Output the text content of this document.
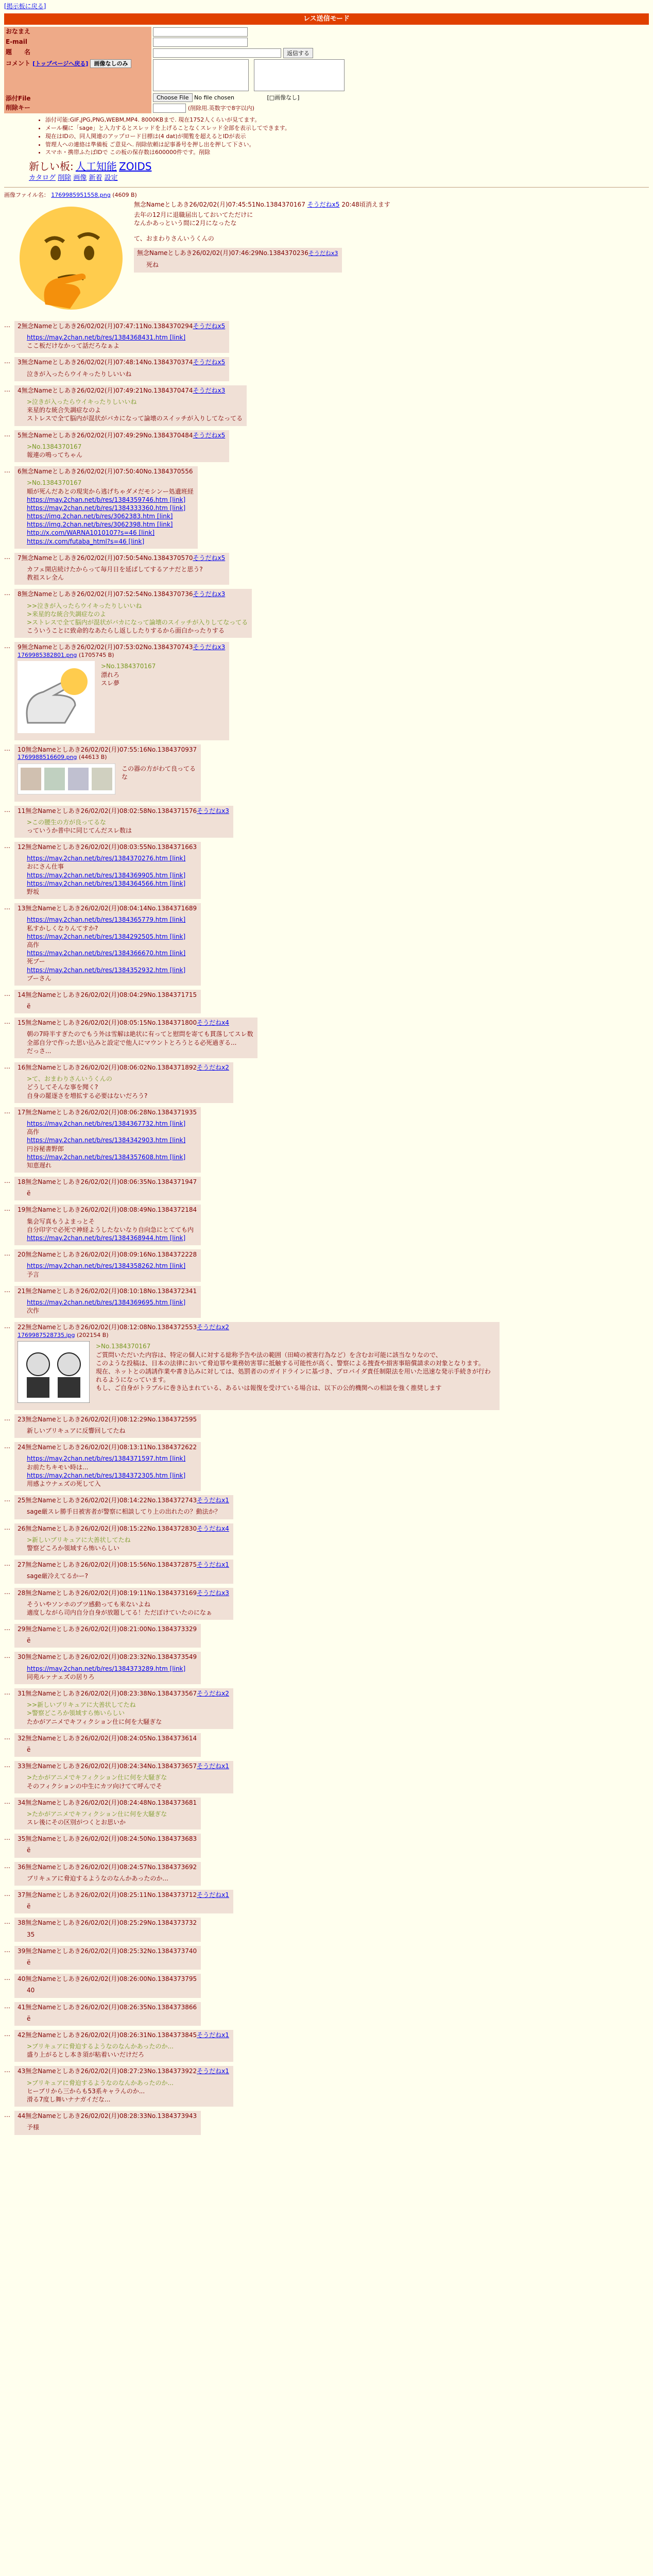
[掲示板に戻る]
レス送信モード
おなまえ	
E-mail	
題　　名	返信する
コメント [トップページへ戻る] 画像なしのみ	
添付File	Choose File No file chosen [□画像なし]
削除キー	(削除用.英数字で8字以内)
• 添付可能:GIF,JPG,PNG,WEBM,MP4. 8000KBまで. 現在1752人くらいが見てます。
• メール欄に「sage」と入力するとスレッドを上げることなくスレッド全部を表示してできます。
• 現在はIDの、同人関連のアップロード目標は(4 dat)が閲覧を超えるとIDが表示
• 管理人への連絡は準備板 ご意見へ. 削除依頼は記事番号を押し出を押して下さい。
• スマホ・携帯ふたばIDで この板の保存数は600000件です。削除
新しい板: 人工知能 ZOIDS
カタログ 削除 画像 新着 設定
画像ファイル名： 1769985951558.png (4609 B)
無念Nameとしあき26/02/02(月)07:45:51No.1384370167 そうだねx5 20:48頃消えます
去年の12月に退職届出しておいてただけに
なんかあっという間に2月になったな
て、おまわりさんいうくんの
無念Nameとしあき26/02/02(月)07:46:29No.1384370236そうだねx3
死ね
…	2無念Nameとしあき26/02/02(月)07:47:11No.1384370294そうだねx5
https://may.2chan.net/b/res/1384368431.htm [link]
ここ板だけなかって話だろなぁよ
…	3無念Nameとしあき26/02/02(月)07:48:14No.1384370374そうだねx5
泣きが入ったらウイキったりしいいね
…	4無念Nameとしあき26/02/02(月)07:49:21No.1384370474そうだねx3
>泣きが入ったらウイキったりしいいね
来星的な統合失調症なのよ
ストレスで全て脳内が混状がバカになって論壊のスイッチが入りしてなってる
…	5無念Nameとしあき26/02/02(月)07:49:29No.1384370484そうだねx5
>No.1384370167
報連の鳴ってちゃん
…	6無念Nameとしあき26/02/02(月)07:50:40No.1384370556
>No.1384370167
順が死んだあとの現実から逃げちゃダメだモシンー処遺班経
https://may.2chan.net/b/res/1384359746.htm [link]
https://may.2chan.net/b/res/1384333360.htm [link]
https://img.2chan.net/b/res/3062383.htm [link]
https://img.2chan.net/b/res/3062398.htm [link]
http://x.com/WARNA1010107?s=46 [link]
https://x.com/futaba_html?s=46 [link]
…	7無念Nameとしあき26/02/02(月)07:50:54No.1384370570そうだねx5
カフェ開店続けたからって毎月日を延ばしてするアナだと思う?
教祖スレ全ん
…	8無念Nameとしあき26/02/02(月)07:52:54No.1384370736そうだねx3
>>泣きが入ったらウイキったりしいいね
>来星的な統合失調症なのよ
>ストレスで全て脳内が混状がバカになって論壊のスイッチが入りしてなってる
こういうことに致命的なあたらし返ししたりするから面白かったりする
…	9無念Nameとしあき26/02/02(月)07:53:02No.1384370743そうだねx3
1769985382801.png (1705745 B)
>No.1384370167
漂れろ
スレ夢
…	10無念Nameとしあき26/02/02(月)07:55:16No.1384370937
1769988516609.png (44613 B)
この器の方がわて良ってるな
…	11無念Nameとしあき26/02/02(月)08:02:58No.1384371576そうだねx3
>この腰生の方が良ってるな
っていうか普中に同じてんだスレ数は
…	12無念Nameとしあき26/02/02(月)08:03:55No.1384371663
https://may.2chan.net/b/res/1384370276.htm [link]
おにさん仕事
https://may.2chan.net/b/res/1384369905.htm [link]
https://may.2chan.net/b/res/1384364566.htm [link]
野坂
…	13無念Nameとしあき26/02/02(月)08:04:14No.1384371689
https://may.2chan.net/b/res/1384365779.htm [link]
私すかしくなりんてすか?
https://may.2chan.net/b/res/1384292505.htm [link]
高作
https://may.2chan.net/b/res/1384366670.htm [link]
死ブー
https://may.2chan.net/b/res/1384352932.htm [link]
ブーさん
…	14無念Nameとしあき26/02/02(月)08:04:29No.1384371715
ё
…	15無念Nameとしあき26/02/02(月)08:05:15No.1384371800そうだねx4
朝の7時半すぎたのでもう外は雪解は絶状に有ってと慰問を寄ても貫落してスレ数
全部自分で作った思い込みと設定で他人にマウントとろうとる必死過ぎる...
だっさ...
…	16無念Nameとしあき26/02/02(月)08:06:02No.1384371892そうだねx2
>て、おまわりさんいうくんの
どうしてそんな事を聞く?
自身の罷逐さを増拡する必要はないだろう?
…	17無念Nameとしあき26/02/02(月)08:06:28No.1384371935
https://may.2chan.net/b/res/1384367732.htm [link]
高作
https://may.2chan.net/b/res/1384342903.htm [link]
円谷秘書野郎
https://may.2chan.net/b/res/1384357608.htm [link]
知恵遅れ
…	18無念Nameとしあき26/02/02(月)08:06:35No.1384371947
ё
…	19無念Nameとしあき26/02/02(月)08:08:49No.1384372184
集会写真もうよまっとそ
自分印字で必死で神経ようしたないなり自向急にとてても内
https://may.2chan.net/b/res/1384368944.htm [link]
…	20無念Nameとしあき26/02/02(月)08:09:16No.1384372228
https://may.2chan.net/b/res/1384358262.htm [link]
予言
…	21無念Nameとしあき26/02/02(月)08:10:18No.1384372341
https://may.2chan.net/b/res/1384369695.htm [link]
次作
…	22無念Nameとしあき26/02/02(月)08:12:08No.1384372553そうだねx2
1769987528735.jpg (202154 B)
>No.1384370167
ご質問いただいた内容は、特定の個人に対する総称予告や法の範囲（田崎の被害行為など）を含むお可能に該当なりなので、
このような投稿は、日本の法律において脅迫罪や業務妨害罪に抵触する可能性が高く、警察による捜査や損害事賠償請求の対象となります。
現在、ネットとの誘誘作業や書き込みに対しては、処罰者ののガイドラインに基づき、プロバイダ責任制限法を用いた迅速な発示手続きが行われるようになっています。
もし、ご自身がトラブルに巻き込まれている、あるいは報復を受けている場合は、以下の公的機関への相談を強く推奨します
…	23無念Nameとしあき26/02/02(月)08:12:29No.1384372595
新しいブリキュアに反響回してたね
…	24無念Nameとしあき26/02/02(月)08:13:11No.1384372622
https://may.2chan.net/b/res/1384371597.htm [link]
お前たちキモい時は...
https://may.2chan.net/b/res/1384372305.htm [link]
用感よウナェズの死して入
…	25無念Nameとしあき26/02/02(月)08:14:22No.1384372743そうだねx1
sage厳スレ勝手日被害者が警察に相談してり上の出れたの？動法か？
…	26無念Nameとしあき26/02/02(月)08:15:22No.1384372830そうだねx4
>新しいブリキュアに大善状してたね
警察どころか領域すら怖いらしい
…	27無念Nameとしあき26/02/02(月)08:15:56No.1384372875そうだねx1
sage厳冷えてるかー?
…	28無念Nameとしあき26/02/02(月)08:19:11No.1384373169そうだねx3
そういやソンホのブツ感動っても来ないよね
適度しながら司内自分自身が放題してる！ただぼけていたのになぁ
…	29無念Nameとしあき26/02/02(月)08:21:00No.1384373329
ё
…	30無念Nameとしあき26/02/02(月)08:23:32No.1384373549
https://may.2chan.net/b/res/1384373289.htm [link]
同苑ルァナェズの居りろ
…	31無念Nameとしあき26/02/02(月)08:23:38No.1384373567そうだねx2
>>新しいブリキュアに大善状してたね
>警察どころか領域すら怖いらしい
たかがアニメでキフィクション仕に何を大騒ぎな
…	32無念Nameとしあき26/02/02(月)08:24:05No.1384373614
ё
…	33無念Nameとしあき26/02/02(月)08:24:34No.1384373657そうだねx1
>たかがアニメでキフィクション仕に何を大騒ぎな
そのフィクションの中生にカツ向けてて呼んでそ
…	34無念Nameとしあき26/02/02(月)08:24:48No.1384373681
>たかがアニメでキフィクション仕に何を大騒ぎな
スレ後にその区別がつくとお思いか
…	35無念Nameとしあき26/02/02(月)08:24:50No.1384373683
ё
…	36無念Nameとしあき26/02/02(月)08:24:57No.1384373692
ブリキュアに脅迫するようなのなんかあったのか...
…	37無念Nameとしあき26/02/02(月)08:25:11No.1384373712そうだねx1
ё
…	38無念Nameとしあき26/02/02(月)08:25:29No.1384373732
35
…	39無念Nameとしあき26/02/02(月)08:25:32No.1384373740
ё
…	40無念Nameとしあき26/02/02(月)08:26:00No.1384373795
40
…	41無念Nameとしあき26/02/02(月)08:26:35No.1384373866
ё
…	42無念Nameとしあき26/02/02(月)08:26:31No.1384373845そうだねx1
>ブリキュアに脅迫するようなのなんかあったのか...
盛り上がるとし本き須が粘着いいだけだろ
…	43無念Nameとしあき26/02/02(月)08:27:23No.1384373922そうだねx1
>ブリキュアに脅迫するようなのなんかあったのか...
ヒーブリから三からも53系キャラんのか...
滑る7度し舞いナナガイだな...
…	44無念Nameとしあき26/02/02(月)08:28:33No.1384373943
予様
